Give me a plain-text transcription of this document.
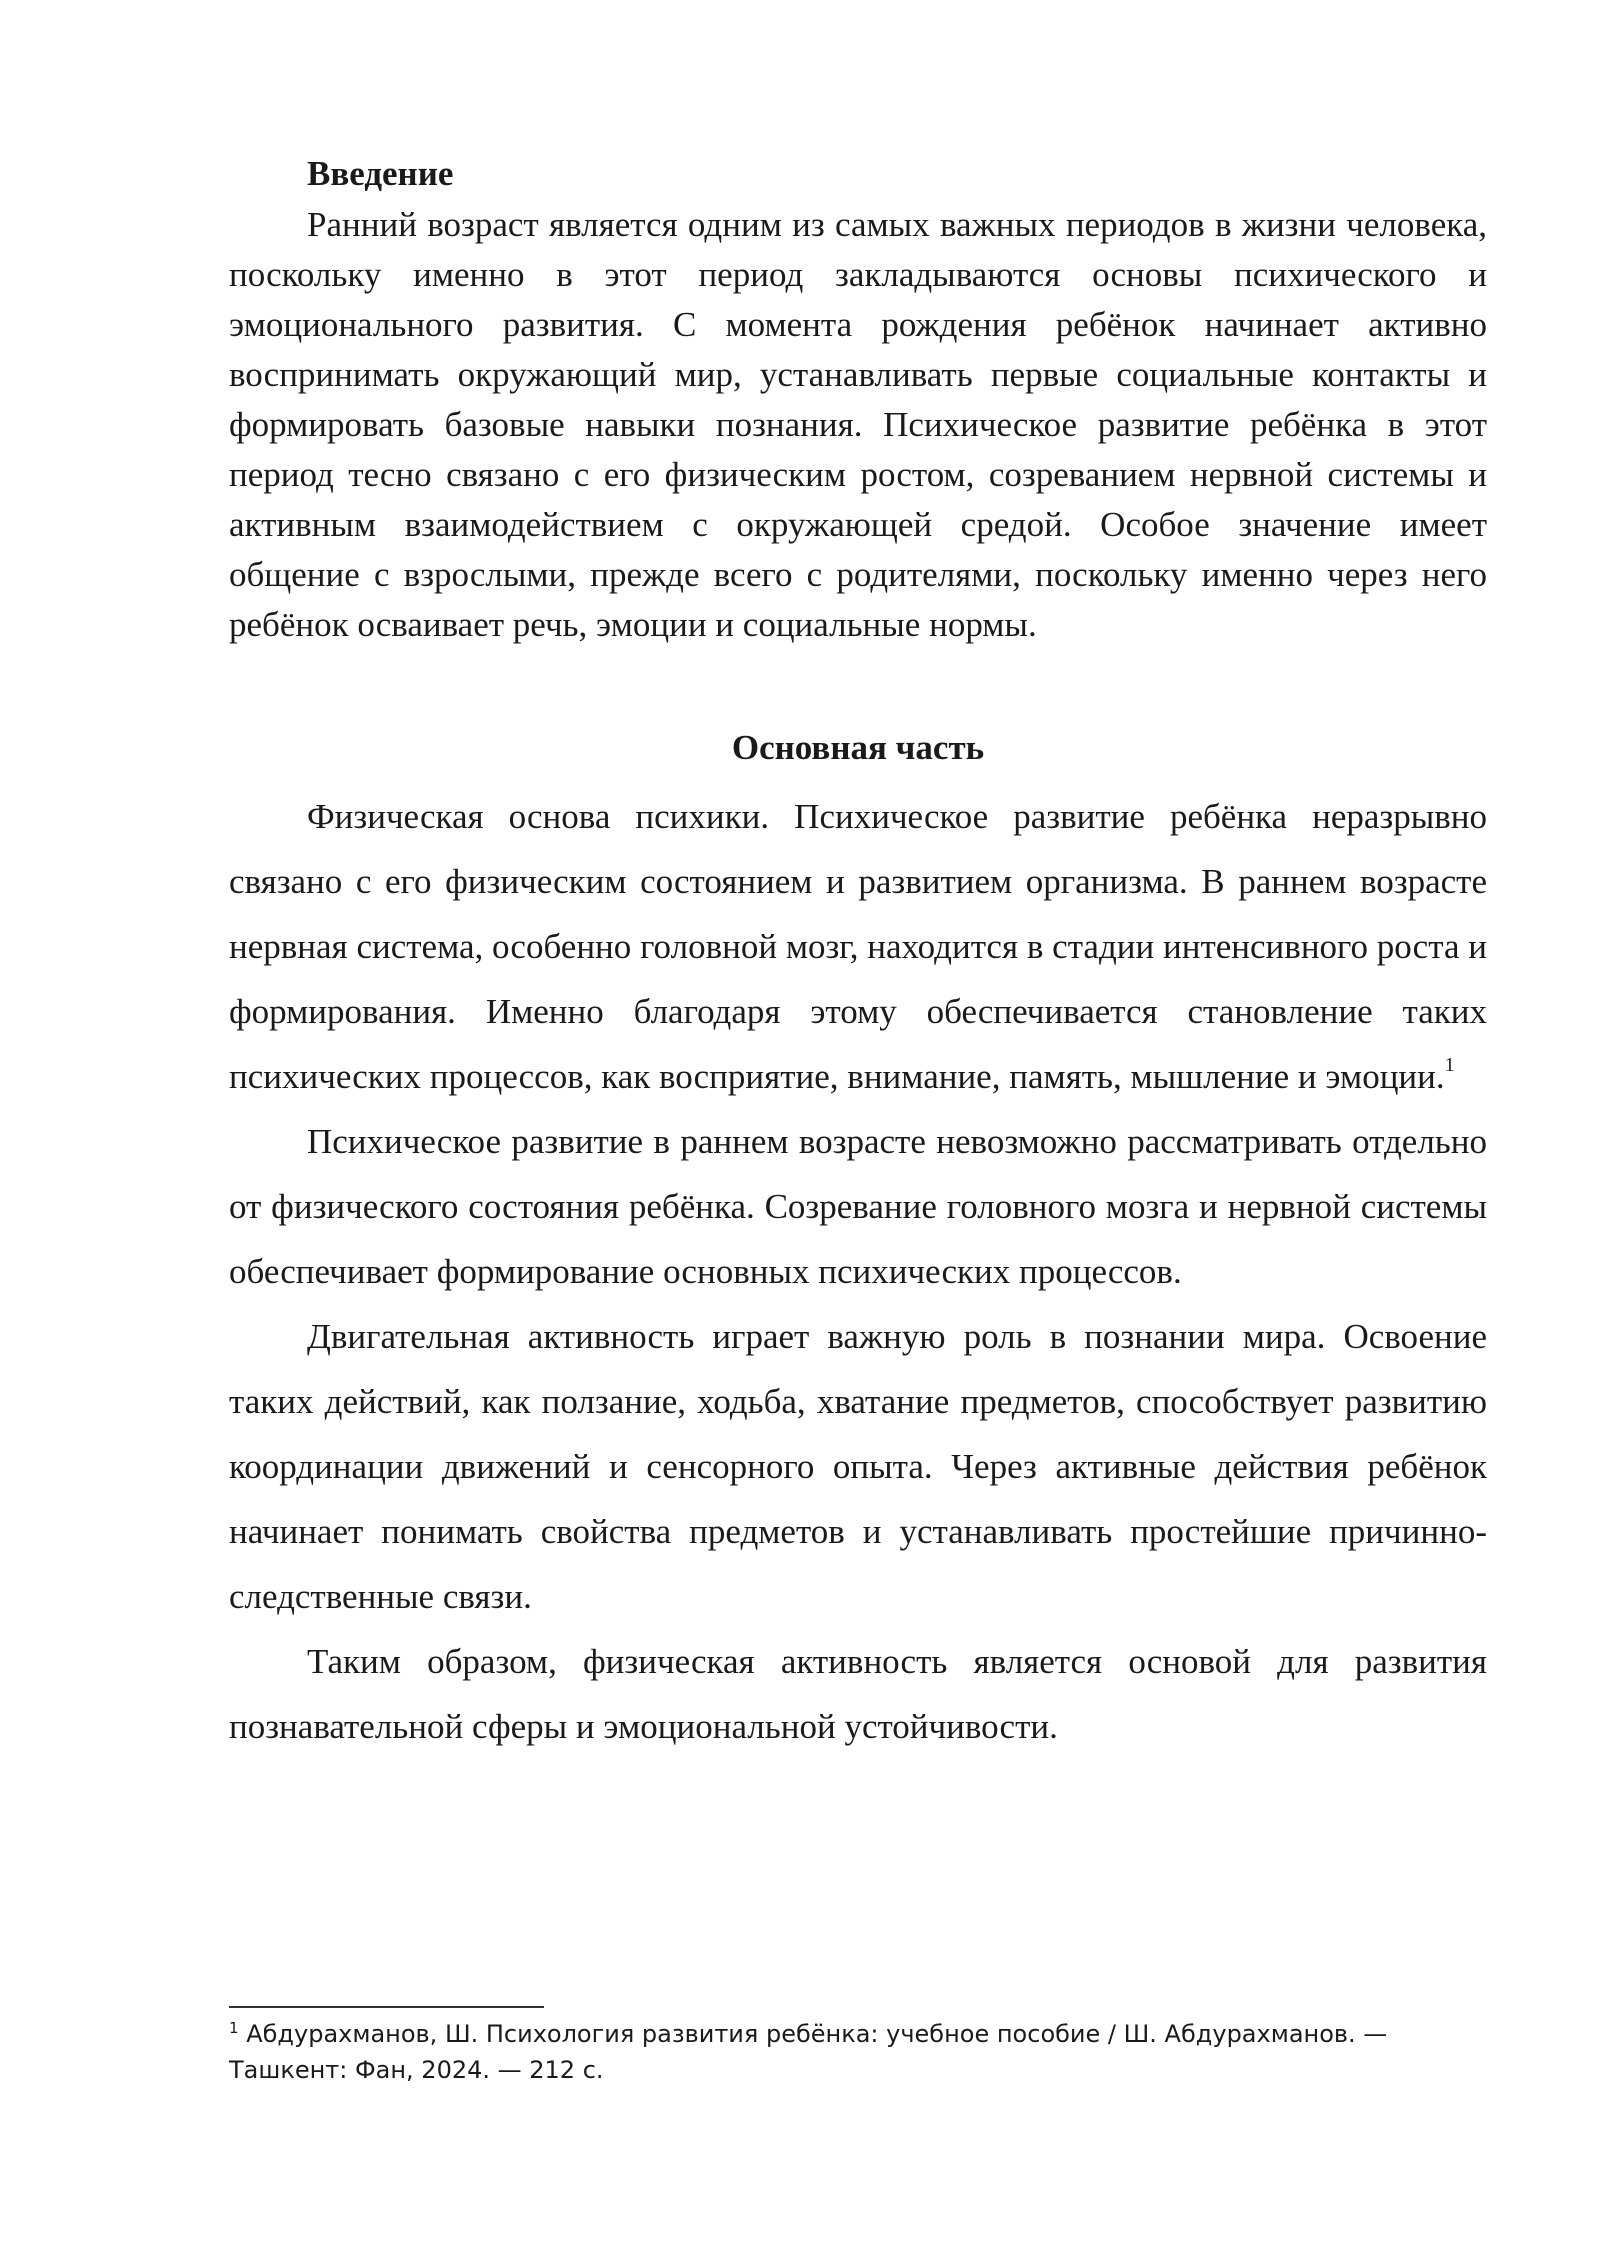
Введение

Ранний возраст является одним из самых важных периодов в жизни человека, поскольку именно в этот период закладываются основы психического и эмоционального развития. С момента рождения ребёнок начинает активно воспринимать окружающий мир, устанавливать первые социальные контакты и формировать базовые навыки познания. Психическое развитие ребёнка в этот период тесно связано с его физическим ростом, созреванием нервной системы и активным взаимодействием с окружающей средой. Особое значение имеет общение с взрослыми, прежде всего с родителями, поскольку именно через него ребёнок осваивает речь, эмоции и социальные нормы.

Основная часть

Физическая основа психики. Психическое развитие ребёнка неразрывно связано с его физическим состоянием и развитием организма. В раннем возрасте нервная система, особенно головной мозг, находится в стадии интенсивного роста и формирования. Именно благодаря этому обеспечивается становление таких психических процессов, как восприятие, внимание, память, мышление и эмоции.$^1$

Психическое развитие в раннем возрасте невозможно рассматривать отдельно от физического состояния ребёнка. Созревание головного мозга и нервной системы обеспечивает формирование основных психических процессов.

Двигательная активность играет важную роль в познании мира. Освоение таких действий, как ползание, ходьба, хватание предметов, способствует развитию координации движений и сенсорного опыта. Через активные действия ребёнок начинает понимать свойства предметов и устанавливать простейшие причинно-следственные связи.

Таким образом, физическая активность является основой для развития познавательной сферы и эмоциональной устойчивости.

$^1$ Абдурахманов, Ш. Психология развития ребёнка: учебное пособие / Ш. Абдурахманов. — Ташкент: Фан, 2024. — 212 с.
